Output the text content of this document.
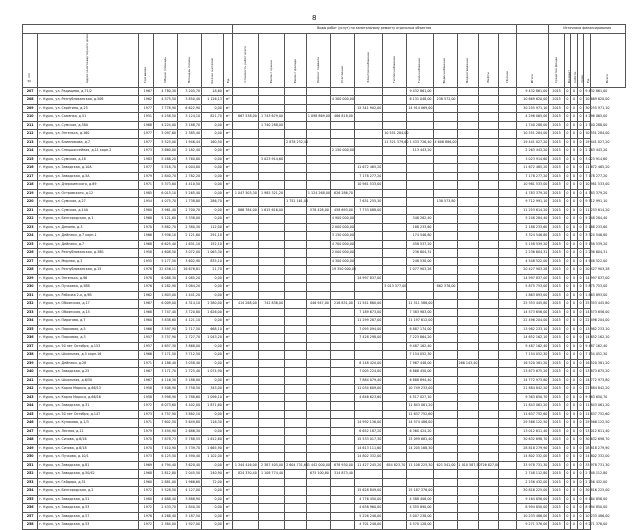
8
							Виды работ (услуг) по капитальному ремонту отдельных объектов													Источники финансирования					
№ п/п	Адрес многоквартирного дома	Год ввода	Общая площадь	Площадь помещ.	Кол-во жителей	Ед.	Стоимость работ всего	Ремонт крыши	Ремонт фасада	Ремонт подвала	Утепление	Электроснабжение	Теплоснабжение	Газоснабжение	Водоснабжение	Водоотведение	Лифты	Прочие	Итого	Средства фонда	Бюджет	Собств.	Срок	Ед.	Всего
207	г. Курск, ул. Радищева, д.71/2	1967	4 780,30	3 205,70	18,60	м²								9 432 861,00					9 432 861,00	2015	0	0	0	9 432 861,00	
208	г. Курск, ул. Республиканская, д.50б	1962	4 575,50	3 850,40	1 126,13	м²					4 300 000,00			6 131 048,00	238 572,00				10 669 620,00	2015	0	0	0	10 669 620,00	
209	г. Курск, ул. Серёгина, д.25	1977	7 778,90	6 622,90	0,00	м²						15 341 902,00		14 914 069,00					30 255 971,10	2015	0	0	0	30 255 971,10	
210	г. Курск, ул. Союзная, д.51	1951	4 258,50	3 124,10	821,70	м²	667 538,00	1 743 679,00		1 098 869,00	486 818,00								4 296 065,00	2015	0	0	0	4 296 065,00	
211	г. Курск, ул. Сумская, д.38А	1968	4 224,00	3 188,70	0,00	м²		1 740 288,00											1 740 288,00	2015	0	0	0	1 740 288,00	
212	г. Курск, ул. Энгельса, д.160	1977	5 097,60	2 385,40	0,00	м²							10 551 284,00						10 551 284,00	2015	0	0	0	10 551 284,00	
213	г. Курск, ул. Блинникова, д.7	1977	5 525,00	1 946,44	160,50	м²			2 878 232,40				11 521 379,60	1 433 726,40	4 606 886,00				19 441 027,20	2015	0	0	0	19 441 027,20	
214	г. Курск, ул. Спецшоссейная, д.11 корп.2	1973	3 660,00	2 182,40	0,00	м²					2 150 000,00			113 443,20					2 263 443,20	2015	0	0	0	2 263 443,20	
215	г. Курск, ул. Сумская, д.18	1983	5 488,20	3 760,80	0,00	м²		3 023 914,60											3 023 914,60	2015	0	0	0	3 023 914,60	
216	г. Курск, ул. Заводская, д.10А	1977	5 518,70	4 004,80	0,00	м²						11 672 465,20							11 672 465,20	2015	0	0	0	11 672 465,20	
217	г. Курск, ул. Заводская, д.5А	1979	2 840,70	2 782,20	0,00	м²						7 178 277,20							7 178 277,20	2015	0	0	0	7 178 277,20	
218	г. Курск, ул. Дзержинского, д.89	1971	5 373,80	4 410,50	0,00	м²						10 981 533,00							10 981 533,00	2015	0	0	0	10 981 533,00	
219	г. Курск, ул. Островского, д.12	1985	6 015,10	5 265,40	0,00	м²	1 047 503,30	1 985 321,20		1 124 268,00	626 286,70								4 783 379,20	2015	0	0	0	4 783 379,20	
220	г. Курск, ул. Сумская, д.27	1954	4 075,70	1 738,80	286,70	м²			1 752 161,00			7 631 255,30			138 573,80				9 712 991,10	2015	0	0	0	9 712 991,10	
221	г. Курск, ул. Сумская, д.14А	1980	3 961,40	2 700,70	0,00	м²	868 784,00	1 615 616,00		578 428,00	458 693,00	7 733 088,00							11 253 614,20	2015	0	0	0	11 253 614,20	
222	г. Курск, ул. Белгородская, д.1	1968	5 121,60	3 338,00	0,00	м²					4 900 000,00			348 282,40					5 248 284,40	2015	0	0	0	5 248 284,40	
223	г. Курск, ул. Демина, д.3	1970	3 882,70	2 380,30	112,00	м²					2 000 000,00			188 233,60					2 188 233,60	2015	0	0	0	2 188 233,60	
224	г. Курск, ул. Дейнеки, д.7 корп.1	1966	3 936,10	2 121,60	291,10	м²					3 150 000,00			174 546,80					3 324 546,80	2015	0	0	0	3 324 546,80	
225	г. Курск, ул. Дейнеки, д.7	1968	6 625,40	1 631,10	152,10	м²					4 700 000,00			458 537,20					5 158 539,20	2015	0	0	0	5 158 539,20	
226	г. Курск, ул. Республиканская, д.38Б	1958	4 608,50	3 072,00	1 063,30	м²					2 000 000,00			236 604,31					2 236 604,31	2015	0	0	0	2 236 604,31	
227	г. Курск, ул. Мирная, д.3	1955	5 177,50	3 602,90	835,10	м²					4 300 000,00			248 530,00					4 548 522,00	2015	0	0	0	4 548 522,00	
228	г. Курск, ул. Республиканская, д.15	1976	22 456,11	16 676,81	21,70	м²					19 350 000,00			1 077 903,28					20 427 903,28	2015	0	0	0	20 427 903,28	
229	г. Курск, ул. Энгельса, д.96	1978	6 088,30	4 085,20	0,00	м²						14 997 837,00							14 997 837,00	2015	0	0	0	14 997 837,00	
230	г. Курск, ул. Пучковка, д.58В	1976	4 282,90	3 084,20	0,00	м²							5 013 377,00		862 376,00				5 875 753,00	2015	0	0	0	5 875 753,00	
231	г. Курск, ул. Рабочая 2-я, д.9В	1962	1 803,00	1 441,20	0,00	м²													1 863 893,00	2015	0	0	0	1 863 893,00	
232	г. Курск, ул. Обоянская, д.17	1967	6 009,00	4 314,10	1 580,00	м²	414 268,00	742 836,00		446 947,00	216 831,00	11 541 860,00		11 511 588,00					25 353 445,80	2015	0	0	0	25 353 445,80	
233	г. Курск, ул. Обоянская, д.15	1968	7 747,40	3 720,80	1 626,00	м²						7 189 673,00		7 383 983,00					14 573 656,00	2015	0	0	0	14 573 656,00	
234	г. Курск, ул. Пирогова, д.7	1960	3 838,60	4 121,10	0,00	м²						11 299 287,00		11 197 612,00					22 496 204,00	2015	0	0	0	22 496 204,00	
235	г. Курск, ул. Парковая, д.5	1966	3 597,90	2 717,50	668,10	м²						7 095 094,00		6 887 174,00					13 982 233,10	2015	0	0	0	13 982 233,10	
236	г. Курск, ул. Парковая, д.3	1957	3 757,90	2 727,70	1 043,20	м²						7 428 298,00		7 223 864,20					14 652 162,10	2015	0	0	0	14 652 162,10	
237	г. Курск, ул. 50 лет Октября, д.153	1957	4 657,30	3 868,00	0,00	м²								9 487 162,40					9 487 162,40	2015	0	0	0	9 487 162,40	
238	г. Курск, ул. Школьная, д.5 корп.16	1966	7 171,50	3 712,50	0,00	м²								7 154 052,30					7 154 052,30	2015	0	0	0	7 154 052,30	
239	г. Курск, ул. Дейнеки, д.28	1971	4 186,40	3 058,40	0,00	м²						8 148 420,00		7 967 448,00		266 143,40			16 520 381,20	2015	0	0	0	16 520 381,20	
240	г. Курск, ул. Заводская, д.25	1967	3 171,70	2 725,40	1 074,90	м²						7 005 224,00		6 868 450,00					13 873 675,20	2015	0	0	0	13 873 675,20	
241	г. Курск, ул. Школьная, д.6/50	1967	4 116,30	3 188,00	0,00	м²						7 884 079,40		6 888 894,40					14 772 973,80	2015	0	0	0	14 772 973,80	
242	г. Курск, ул. Карла Маркса, д.66/13	1958	5 508,90	3 758,50	345,00	м²						11 034 609,00		10 749 233,00					21 884 842,20	2015	0	0	0	21 884 842,20	
243	г. Курск, ул. Карла Маркса, д.66/16	1958	3 998,90	2 788,60	1 096,10	м²						4 846 623,60		4 517 027,10					9 363 650,70	2015	0	0	0	9 363 650,70	
244	г. Курск, ул. Заводская, д.31	1972	6 073,60	4 402,00	1 871,60	м²								11 843 061,20					11 843 061,20	2015	0	0	0	11 843 061,20	
245	г. Курск, ул. 50 лет Октября, д.147	1973	4 757,90	3 882,10	0,00	м²								11 637 752,60					11 637 752,60	2015	0	0	0	11 637 752,60	
246	г. Курск, ул. Кулакова, д.1/3	1971	7 602,50	5 649,80	116,30	м²						14 992 136,00		14 574 486,00					29 566 122,50	2015	0	0	0	29 566 122,50	
247	г. Курск, ул. Лесная, д.11	1979	3 494,90	2 686,30	0,00	м²						6 652 187,20		6 360 424,20					13 012 611,40	2015	0	0	0	13 012 611,40	
248	г. Курск, ул. Сизова, д.6/16	1970	7 878,73	5 788,55	1 612,60	м²						15 533 017,30		15 099 681,40					30 632 698,70	2015	0	0	0	30 632 698,70	
249	г. Курск, ул. Сизова, д.6/18	1970	7 410,90	5 739,70	1 665,90	м²						14 613 111,60		14 205 168,30					28 818 279,90	2015	0	0	0	28 818 279,90	
250	г. Курск, ул. Пучкова, д.10/1	1973	6 125,50	4 590,40	1 102,00	м²						14 802 332,00							14 802 332,00	2015	0	0	0	14 802 332,00	
251	г. Курск, ул. Заводская, д.81	1969	4 794,40	3 620,40	0,00	м²	1 344 416,00	2 387 405,00	2 604 731,60	1 442 000,00	678 930,00	11 427 245,20	654 823,70	11 108 225,30	621 541,00	1 010 587,50	726 827,00		33 978 731,30	2015	0	0	0	33 978 731,30	
252	г. Курск, ул. Заводская, д.50/42	1968	2 812,80	2 045,50	240,90	м²	824 330,40	1 108 774,40		675 100,80	314 873,40								2 748 112,80	2015	0	0	0	2 748 112,80	
253	г. Курск, ул. Гайдара, д.31	1960	2 881,00	1 966,60	72,00	м²													2 256 432,00	2015	0	0	0	2 256 432,00	
254	г. Курск, ул. Белгородская, д.2	1972	5 528,50	4 127,00	0,00	м²						15 628 849,00		15 187 376,00					30 816 225,00	2015	0	0	0	30 816 225,00	
255	г. Курск, ул. Заводская, д.51	1980	4 688,40	3 888,90	0,00	м²						4 776 450,00		4 388 406,00					9 164 856,00	2015	0	0	0	9 164 856,00	
256	г. Курск, ул. Заводская, д.53	1972	2 433,70	1 840,30	0,00	м²						4 638 960,00		4 355 890,00					8 994 850,00	2015	0	0	0	8 994 850,00	
257	г. Курск, ул. Заводская, д.57	1976	4 268,40	3 187,50	0,00	м²						5 226 248,00		5 007 238,00					10 233 486,00	2015	0	0	0	10 233 486,00	
258	г. Курск, ул. Заводская, д.53	1972	2 384,00	1 927,00	0,00	м²						4 701 248,00		4 570 128,00					9 271 376,00	2015	0	0	0	9 271 376,00	
